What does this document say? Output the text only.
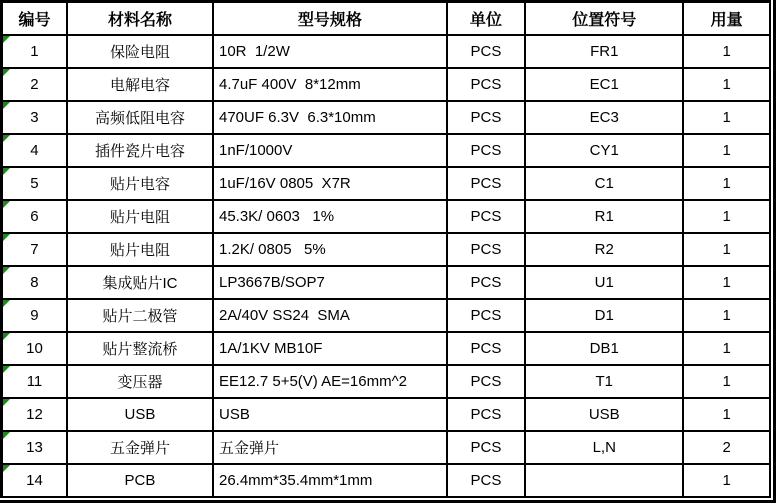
编号	材料名称	型号规格	单位	位置符号	用量

1	保险电阻	10R  1/2W	PCS	FR1	1

2	电解电容	4.7uF 400V  8*12mm	PCS	EC1	1

3	高频低阻电容	470UF 6.3V  6.3*10mm	PCS	EC3	1

4	插件瓷片电容	1nF/1000V	PCS	CY1	1

5	贴片电容	1uF/16V 0805  X7R	PCS	C1	1

6	贴片电阻	45.3K/ 0603   1%	PCS	R1	1

7	贴片电阻	1.2K/ 0805   5%	PCS	R2	1

8	集成贴片IC	LP3667B/SOP7	PCS	U1	1

9	贴片二极管	2A/40V SS24  SMA	PCS	D1	1

10	贴片整流桥	1A/1KV MB10F	PCS	DB1	1

11	变压器	EE12.7 5+5(V) AE=16mm^2	PCS	T1	1

12	USB	USB	PCS	USB	1

13	五金弹片	五金弹片	PCS	L,N	2

14	PCB	26.4mm*35.4mm*1mm	PCS		1
